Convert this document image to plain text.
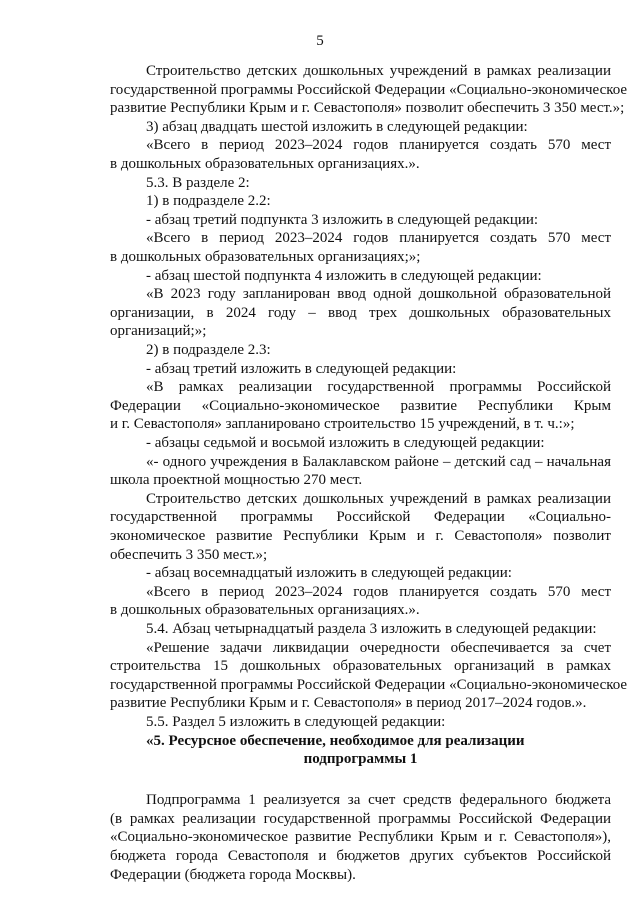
5
Строительство детских дошкольных учреждений в рамках реализации
государственной программы Российской Федерации «Социально-экономическое
развитие Республики Крым и г. Севастополя» позволит обеспечить 3 350 мест.»;
3) абзац двадцать шестой изложить в следующей редакции:
«Всего в период 2023–2024 годов планируется создать 570 мест
в дошкольных образовательных организациях.».
5.3. В разделе 2:
1) в подразделе 2.2:
- абзац третий подпункта 3 изложить в следующей редакции:
«Всего в период 2023–2024 годов планируется создать 570 мест
в дошкольных образовательных организациях;»;
- абзац шестой подпункта 4 изложить в следующей редакции:
«В 2023 году запланирован ввод одной дошкольной образовательной
организации, в 2024 году – ввод трех дошкольных образовательных
организаций;»;
2) в подразделе 2.3:
- абзац третий изложить в следующей редакции:
«В рамках реализации государственной программы Российской
Федерации «Социально-экономическое развитие Республики Крым
и г. Севастополя» запланировано строительство 15 учреждений, в т. ч.:»;
- абзацы седьмой и восьмой изложить в следующей редакции:
«- одного учреждения в Балаклавском районе – детский сад – начальная
школа проектной мощностью 270 мест.
Строительство детских дошкольных учреждений в рамках реализации
государственной программы Российской Федерации «Социально-
экономическое развитие Республики Крым и г. Севастополя» позволит
обеспечить 3 350 мест.»;
- абзац восемнадцатый изложить в следующей редакции:
«Всего в период 2023–2024 годов планируется создать 570 мест
в дошкольных образовательных организациях.».
5.4. Абзац четырнадцатый раздела 3 изложить в следующей редакции:
«Решение задачи ликвидации очередности обеспечивается за счет
строительства 15 дошкольных образовательных организаций в рамках
государственной программы Российской Федерации «Социально-экономическое
развитие Республики Крым и г. Севастополя» в период 2017–2024 годов.».
5.5. Раздел 5 изложить в следующей редакции:
«5. Ресурсное обеспечение, необходимое для реализации
подпрограммы 1
Подпрограмма 1 реализуется за счет средств федерального бюджета
(в рамках реализации государственной программы Российской Федерации
«Социально-экономическое развитие Республики Крым и г. Севастополя»),
бюджета города Севастополя и бюджетов других субъектов Российской
Федерации (бюджета города Москвы).
